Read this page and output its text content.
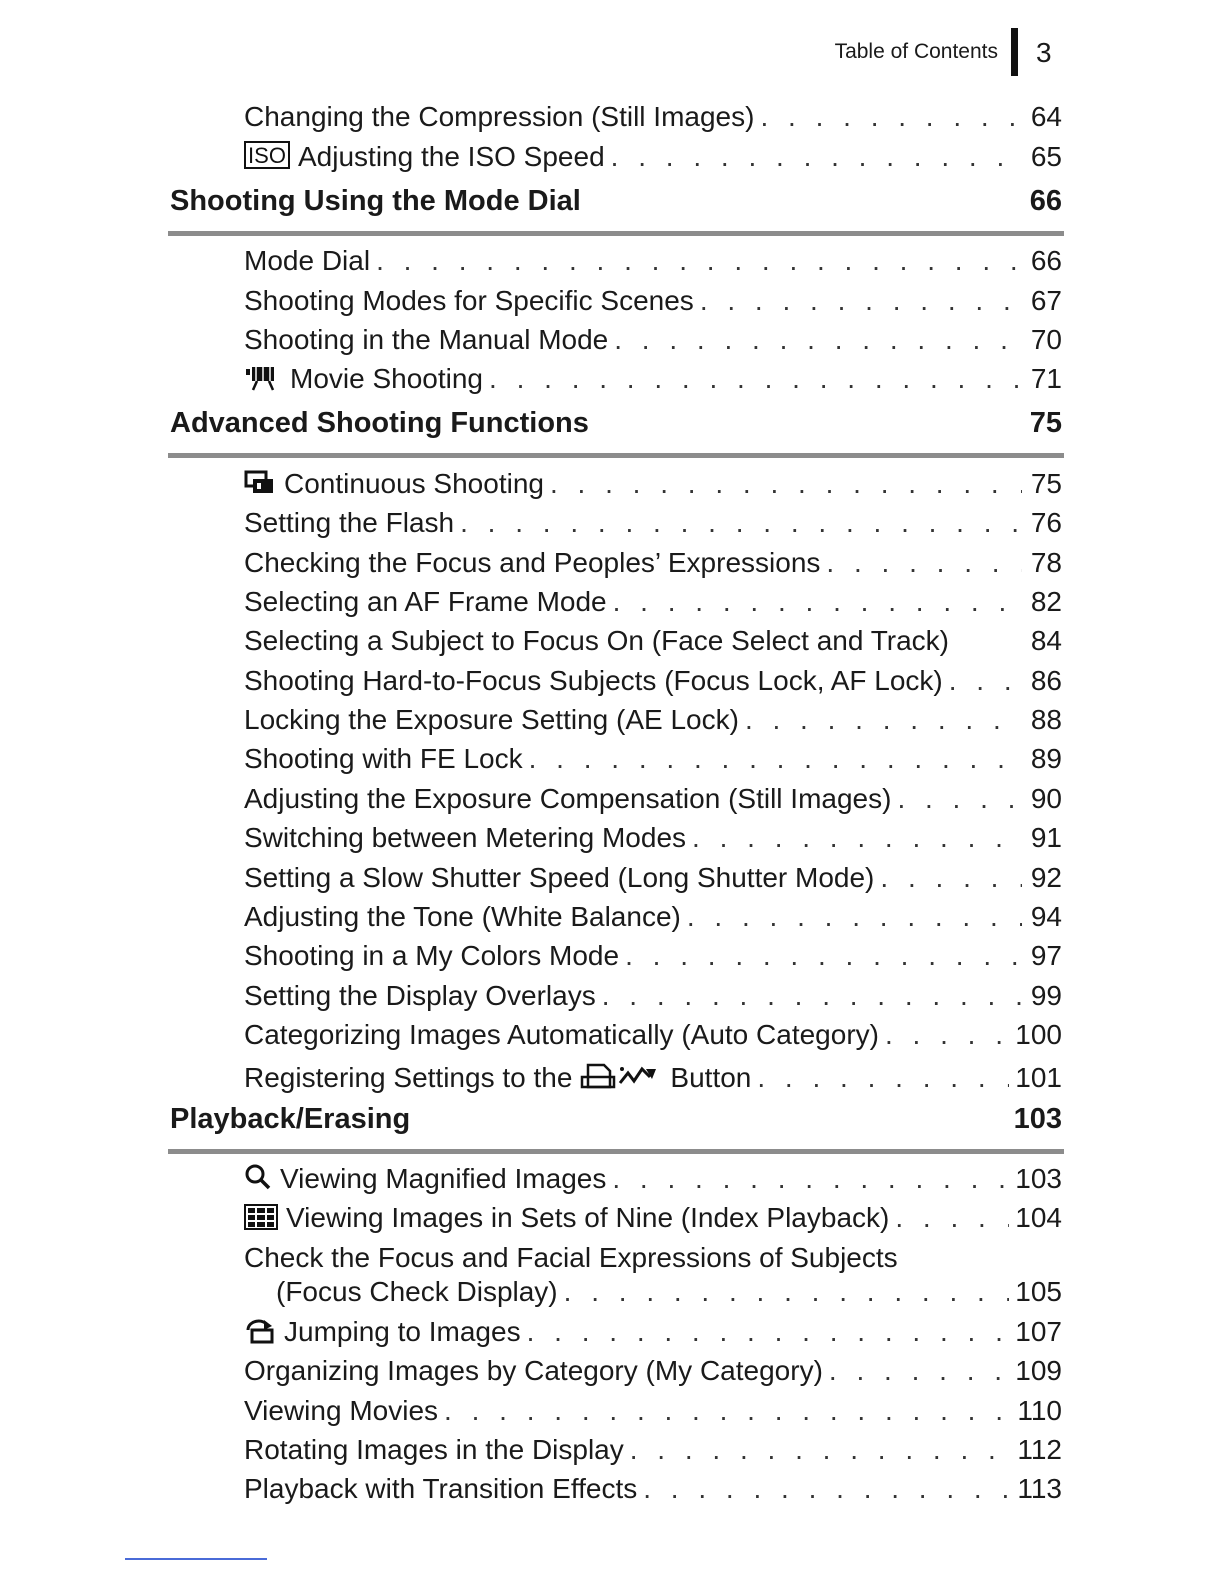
Table of Contents 3
Changing the Compression (Still Images) . . .	64
ISO Adjusting the ISO Speed . . .	65
Shooting Using the Mode Dial	66
Mode Dial . . .	66
Shooting Modes for Specific Scenes . . .	67
Shooting in the Manual Mode . . .	70
Movie Shooting . . .	71
Advanced Shooting Functions	75
Continuous Shooting . . .	75
Setting the Flash . . .	76
Checking the Focus and Peoples’ Expressions . . .	78
Selecting an AF Frame Mode . . .	82
Selecting a Subject to Focus On (Face Select and Track)	84
Shooting Hard-to-Focus Subjects (Focus Lock, AF Lock) . . .	86
Locking the Exposure Setting (AE Lock) . . .	88
Shooting with FE Lock . . .	89
Adjusting the Exposure Compensation (Still Images) . . .	90
Switching between Metering Modes . . .	91
Setting a Slow Shutter Speed (Long Shutter Mode) . . .	92
Adjusting the Tone (White Balance) . . .	94
Shooting in a My Colors Mode . . .	97
Setting the Display Overlays . . .	99
Categorizing Images Automatically (Auto Category) . . .	100
Registering Settings to the	Button . . .	101
Playback/Erasing	103
Viewing Magnified Images . . .	103
Viewing Images in Sets of Nine (Index Playback) . . .	104
Check the Focus and Facial Expressions of Subjects
(Focus Check Display) . . .	105
Jumping to Images . . .	107
Organizing Images by Category (My Category) . . .	109
Viewing Movies . . .	110
Rotating Images in the Display . . .	112
Playback with Transition Effects . . .	113
